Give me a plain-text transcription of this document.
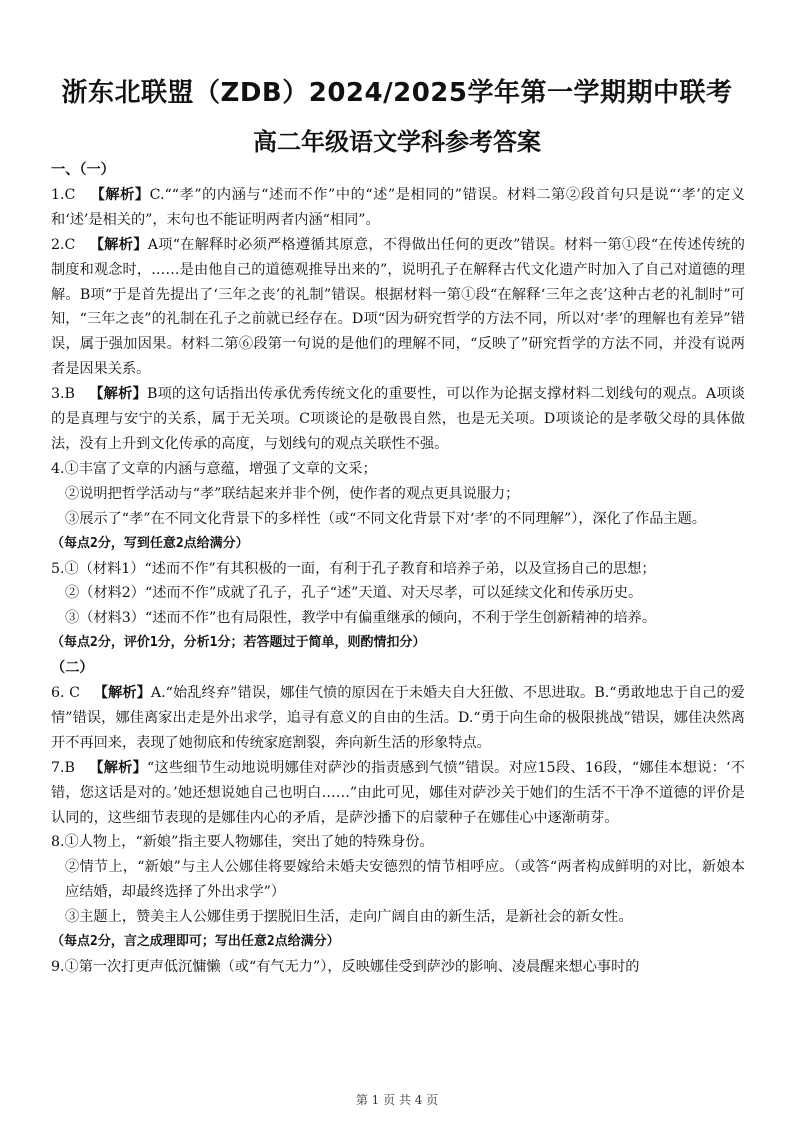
浙东北联盟（ZDB）2024/2025学年第一学期期中联考
高二年级语文学科参考答案

一、（一）

1.C 【解析】C.““孝”的内涵与“述而不作”中的“述”是相同的”错误。材料二第②段首句只是说“‘孝’的定义和‘述’是相关的”，末句也不能证明两者内涵“相同”。

2.C 【解析】A项“在解释时必须严格遵循其原意，不得做出任何的更改”错误。材料一第①段“在传述传统的制度和观念时，……是由他自己的道德观推导出来的”，说明孔子在解释古代文化遗产时加入了自己对道德的理解。B项“于是首先提出了‘三年之丧’的礼制”错误。根据材料一第①段“在解释‘三年之丧’这种古老的礼制时”可知，“三年之丧”的礼制在孔子之前就已经存在。D项“因为研究哲学的方法不同，所以对‘孝’的理解也有差异”错误，属于强加因果。材料二第⑥段第一句说的是他们的理解不同，“反映了”研究哲学的方法不同，并没有说两者是因果关系。

3.B 【解析】B项的这句话指出传承优秀传统文化的重要性，可以作为论据支撑材料二划线句的观点。A项谈的是真理与安宁的关系，属于无关项。C项谈论的是敬畏自然，也是无关项。D项谈论的是孝敬父母的具体做法，没有上升到文化传承的高度，与划线句的观点关联性不强。

4.①丰富了文章的内涵与意蕴，增强了文章的文采；

②说明把哲学活动与“孝”联结起来并非个例，使作者的观点更具说服力；

③展示了“孝”在不同文化背景下的多样性（或“不同文化背景下对‘孝’的不同理解”），深化了作品主题。

（每点2分，写到任意2点给满分）

5.①（材料1）“述而不作”有其积极的一面，有利于孔子教育和培养子弟，以及宣扬自己的思想；

②（材料2）“述而不作”成就了孔子，孔子“述”天道、对天尽孝，可以延续文化和传承历史。

③（材料3）“述而不作”也有局限性，教学中有偏重继承的倾向，不利于学生创新精神的培养。

（每点2分，评价1分，分析1分；若答题过于简单，则酌情扣分）

（二）

6. C 【解析】A.“始乱终弃”错误，娜佳气愤的原因在于未婚夫自大狂傲、不思进取。B.“勇敢地忠于自己的爱情”错误，娜佳离家出走是外出求学，追寻有意义的自由的生活。D.“勇于向生命的极限挑战”错误，娜佳决然离开不再回来，表现了她彻底和传统家庭割裂，奔向新生活的形象特点。

7.B 【解析】“这些细节生动地说明娜佳对萨沙的指责感到气愤”错误。对应15段、16段，“娜佳本想说：‘不错，您这话是对的。’她还想说她自己也明白……”由此可见，娜佳对萨沙关于她们的生活不干净不道德的评价是认同的，这些细节表现的是娜佳内心的矛盾，是萨沙播下的启蒙种子在娜佳心中逐渐萌芽。

8.①人物上，“新娘”指主要人物娜佳，突出了她的特殊身份。

②情节上，“新娘”与主人公娜佳将要嫁给未婚夫安德烈的情节相呼应。（或答“两者构成鲜明的对比，新娘本应结婚，却最终选择了外出求学”）

③主题上，赞美主人公娜佳勇于摆脱旧生活，走向广阔自由的新生活，是新社会的新女性。

（每点2分，言之成理即可；写出任意2点给满分）

9.①第一次打更声低沉慵懒（或“有气无力”），反映娜佳受到萨沙的影响、凌晨醒来想心事时的

第 1 页 共 4 页
